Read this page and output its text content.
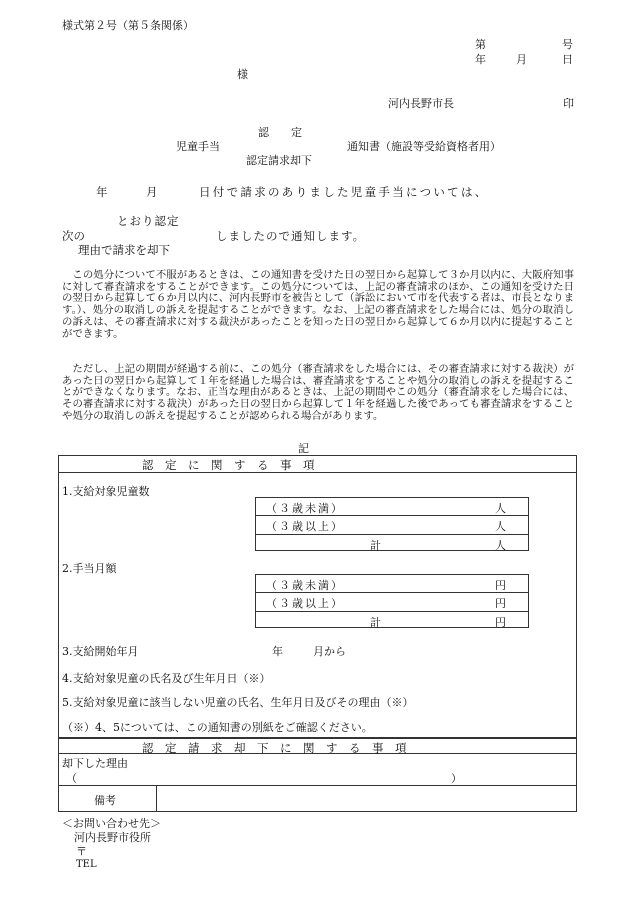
様式第２号（第５条関係）
第	号
年	月	日
様
河内長野市長	印
認　　定
児童手当	通知書（施設等受給資格者用）
認定請求却下
年	月	日付で請求のありました児童手当については、
とおり認定
次の	しましたので通知します。
理由で請求を却下

この処分について不服があるときは、この通知書を受けた日の翌日から起算して３か月以内に、大阪府知事に対して審査請求をすることができます。この処分については、上記の審査請求のほか、この通知を受けた日の翌日から起算して６か月以内に、河内長野市を被告として（訴訟において市を代表する者は、市長となります。）、処分の取消しの訴えを提起することができます。なお、上記の審査請求をした場合には、処分の取消しの訴えは、その審査請求に対する裁決があったことを知った日の翌日から起算して６か月以内に提起することができます。

ただし、上記の期間が経過する前に、この処分（審査請求をした場合には、その審査請求に対する裁決）があった日の翌日から起算して１年を経過した場合は、審査請求をすることや処分の取消しの訴えを提起することができなくなります。なお、正当な理由があるときは、上記の期間やこの処分（審査請求をした場合には、その審査請求に対する裁決）があった日の翌日から起算して１年を経過した後であっても審査請求をすることや処分の取消しの訴えを提起することが認められる場合があります。

記
認　定　に　関　す　る　事　項
1.支給対象児童数
（３歳未満）	人
（３歳以上）	人
計	人
2.手当月額
（３歳未満）	円
（３歳以上）	円
計	円
3.支給開始年月	年	月から
4.支給対象児童の氏名及び生年月日（※）
5.支給対象児童に該当しない児童の氏名、生年月日及びその理由（※）
（※）4、5については、この通知書の別紙をご確認ください。
認　定　請　求　却　下　に　関　す　る　事　項
却下した理由
（	）
備考
＜お問い合わせ先＞
河内長野市役所
〒
TEL
